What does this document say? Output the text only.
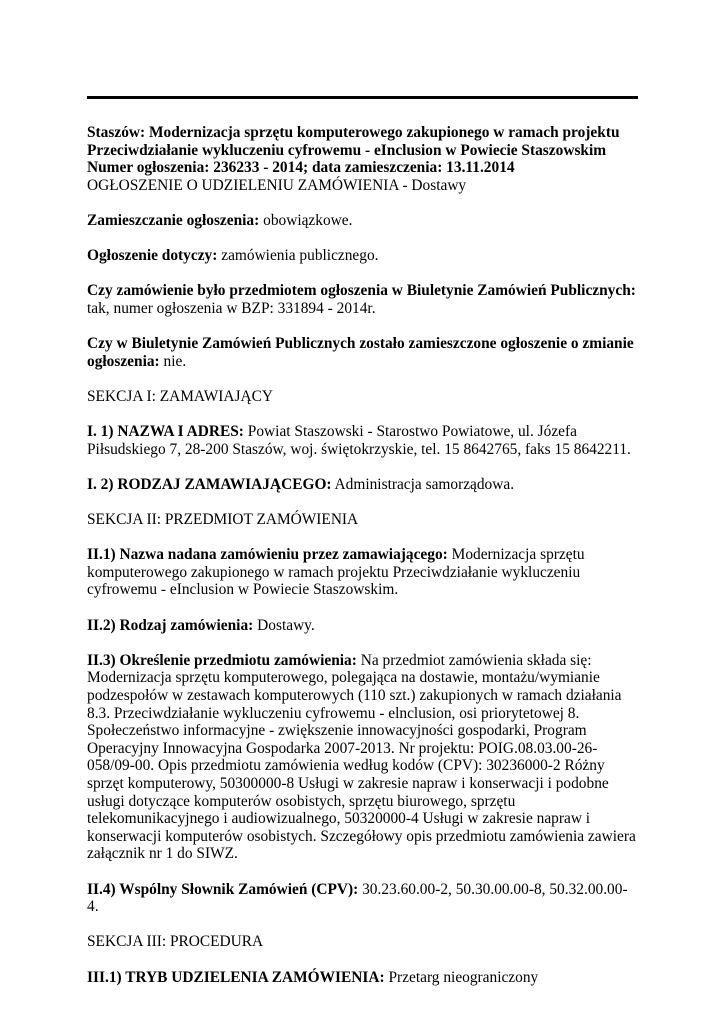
Staszów: Modernizacja sprzętu komputerowego zakupionego w ramach projektu Przeciwdziałanie wykluczeniu cyfrowemu - eInclusion w Powiecie Staszowskim
Numer ogłoszenia: 236233 - 2014; data zamieszczenia: 13.11.2014
OGŁOSZENIE O UDZIELENIU ZAMÓWIENIA - Dostawy

Zamieszczanie ogłoszenia: obowiązkowe.

Ogłoszenie dotyczy: zamówienia publicznego.

Czy zamówienie było przedmiotem ogłoszenia w Biuletynie Zamówień Publicznych: tak, numer ogłoszenia w BZP: 331894 - 2014r.

Czy w Biuletynie Zamówień Publicznych zostało zamieszczone ogłoszenie o zmianie ogłoszenia: nie.

SEKCJA I: ZAMAWIAJĄCY

I. 1) NAZWA I ADRES: Powiat Staszowski - Starostwo Powiatowe, ul. Józefa Piłsudskiego 7, 28-200 Staszów, woj. świętokrzyskie, tel. 15 8642765, faks 15 8642211.

I. 2) RODZAJ ZAMAWIAJĄCEGO: Administracja samorządowa.

SEKCJA II: PRZEDMIOT ZAMÓWIENIA

II.1) Nazwa nadana zamówieniu przez zamawiającego: Modernizacja sprzętu komputerowego zakupionego w ramach projektu Przeciwdziałanie wykluczeniu cyfrowemu - eInclusion w Powiecie Staszowskim.

II.2) Rodzaj zamówienia: Dostawy.

II.3) Określenie przedmiotu zamówienia: Na przedmiot zamówienia składa się: Modernizacja sprzętu komputerowego, polegająca na dostawie, montażu/wymianie podzespołów w zestawach komputerowych (110 szt.) zakupionych w ramach działania 8.3. Przeciwdziałanie wykluczeniu cyfrowemu - elnclusion, osi priorytetowej 8. Społeczeństwo informacyjne - zwiększenie innowacyjności gospodarki, Program Operacyjny Innowacyjna Gospodarka 2007-2013. Nr projektu: POIG.08.03.00-26-058/09-00. Opis przedmiotu zamówienia według kodów (CPV): 30236000-2 Różny sprzęt komputerowy, 50300000-8 Usługi w zakresie napraw i konserwacji i podobne usługi dotyczące komputerów osobistych, sprzętu biurowego, sprzętu telekomunikacyjnego i audiowizualnego, 50320000-4 Usługi w zakresie napraw i konserwacji komputerów osobistych. Szczegółowy opis przedmiotu zamówienia zawiera załącznik nr 1 do SIWZ.

II.4) Wspólny Słownik Zamówień (CPV): 30.23.60.00-2, 50.30.00.00-8, 50.32.00.00-4.

SEKCJA III: PROCEDURA

III.1) TRYB UDZIELENIA ZAMÓWIENIA: Przetarg nieograniczony
